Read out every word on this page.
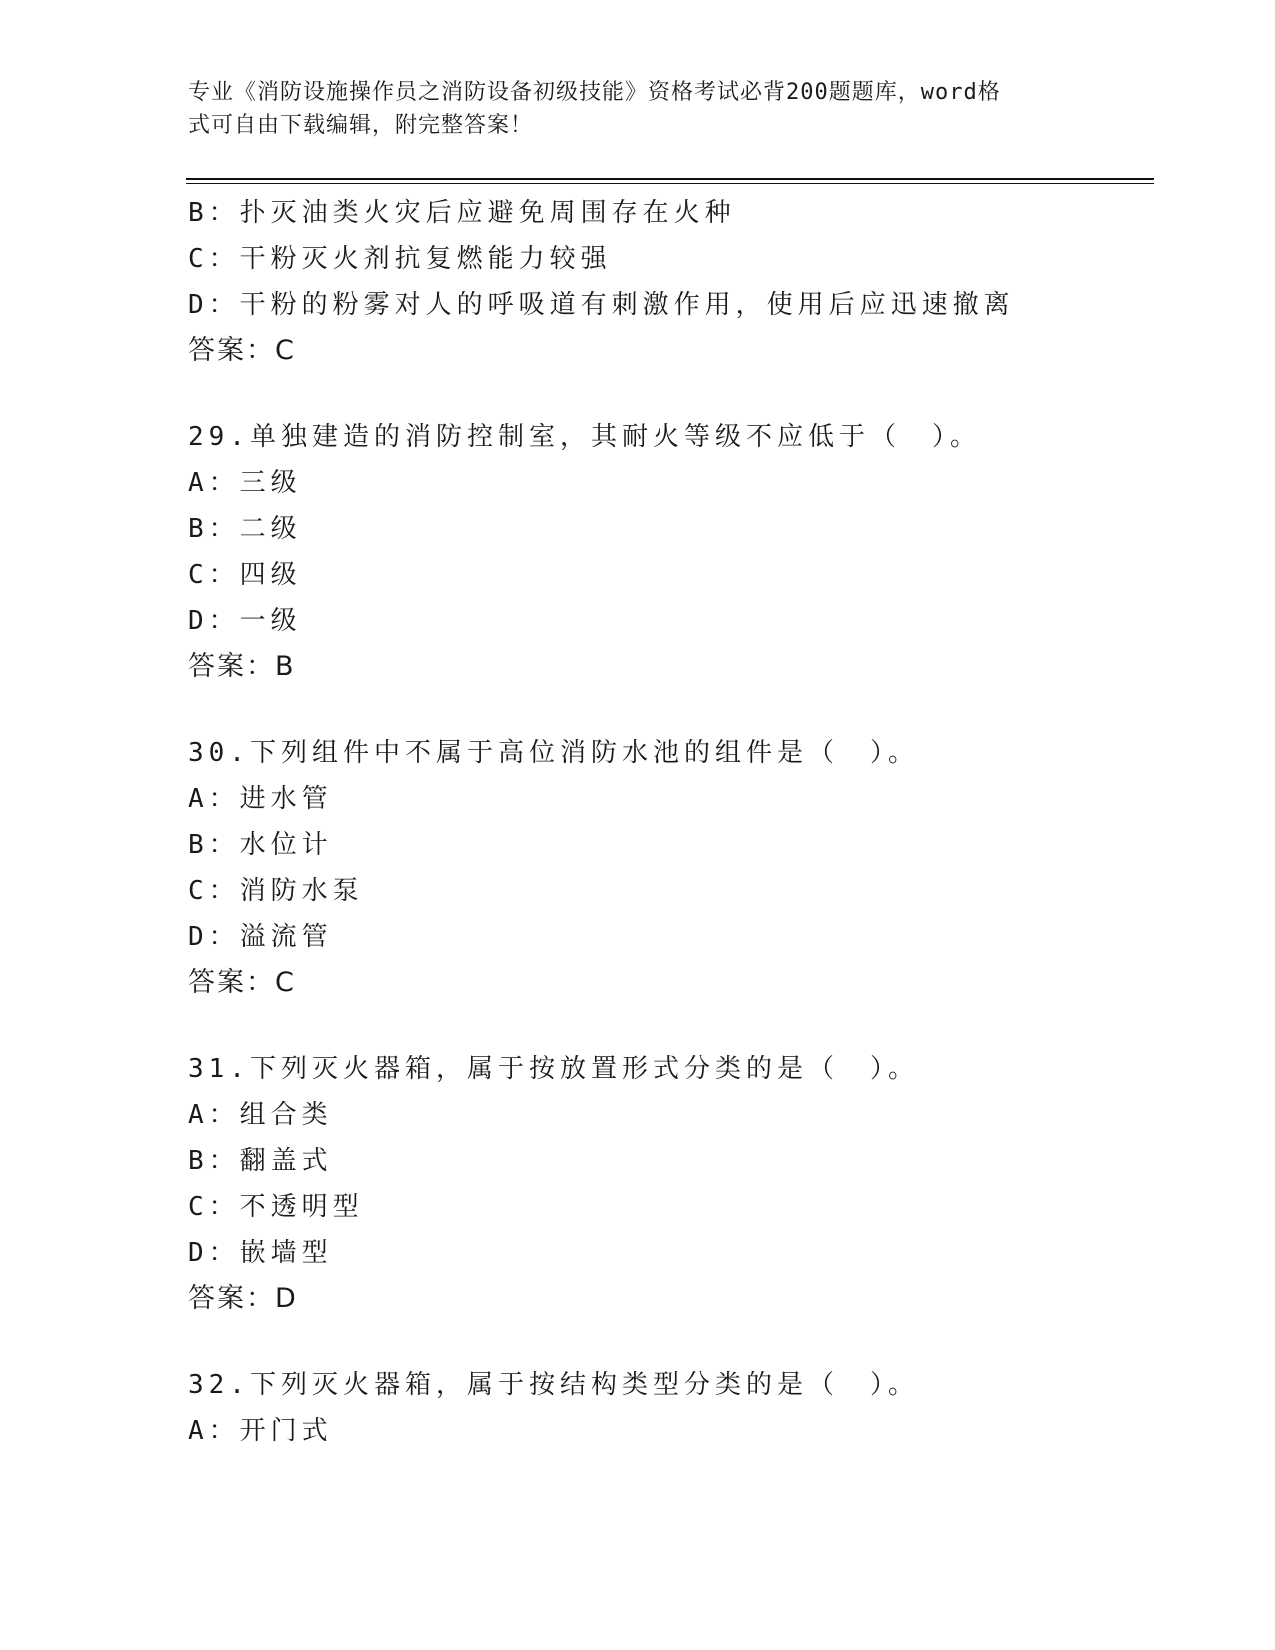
专业《消防设施操作员之消防设备初级技能》资格考试必背200题题库，word格
式可自由下载编辑，附完整答案！
B：扑灭油类火灾后应避免周围存在火种
C：干粉灭火剂抗复燃能力较强
D：干粉的粉雾对人的呼吸道有刺激作用，使用后应迅速撤离
答案：C
29.单独建造的消防控制室，其耐火等级不应低于（　）。
A：三级
B：二级
C：四级
D：一级
答案：B
30.下列组件中不属于高位消防水池的组件是（　）。
A：进水管
B：水位计
C：消防水泵
D：溢流管
答案：C
31.下列灭火器箱，属于按放置形式分类的是（　）。
A：组合类
B：翻盖式
C：不透明型
D：嵌墙型
答案：D
32.下列灭火器箱，属于按结构类型分类的是（　）。
A：开门式
